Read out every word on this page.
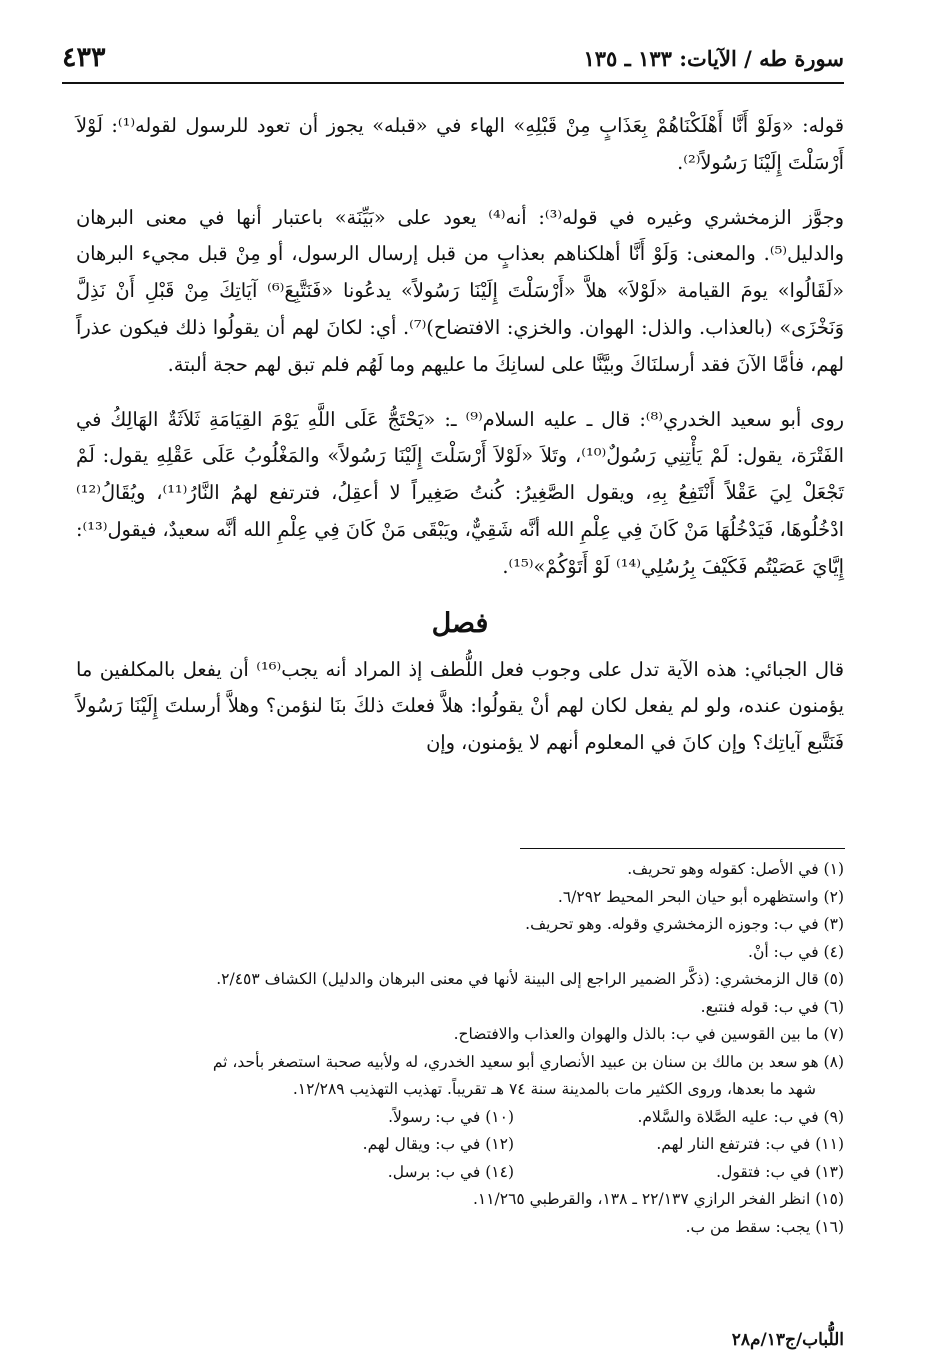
سورة طه / الآيات: ١٣٣ ـ ١٣٥
٤٣٣

قوله: «وَلَوْ أَنَّا أَهْلَكْنَاهُمْ بِعَذَابٍ مِنْ قَبْلِهِ» الهاء في «قبله» يجوز أن تعود للرسول لقوله⁽¹⁾: لَوْلاَ أَرْسَلْتَ إِلَيْنَا رَسُولاً⁽²⁾.

وجوَّز الزمخشري وغيره في قوله⁽³⁾: أنه⁽⁴⁾ يعود على «بَيِّنَة» باعتبار أنها في معنى البرهان والدليل⁽⁵⁾. والمعنى: وَلَوْ أَنَّا أهلكناهم بعذابٍ من قبل إرسال الرسول، أو مِنْ قبل مجيء البرهان «لَقَالُوا» يومَ القيامة «لَوْلاَ» هلاَّ «أَرْسَلْتَ إِلَيْنَا رَسُولاً» يدعُونا «فَنَتَّبِعَ⁽⁶⁾ آيَاتِكَ مِنْ قَبْلِ أَنْ نَذِلَّ وَنَخْزَى» (بالعذاب. والذل: الهوان. والخزي: الافتضاح)⁽⁷⁾. أي: لكانَ لهم أن يقولُوا ذلك فيكون عذراً لهم، فأمَّا الآنَ فقد أرسلنَاكَ وبيَّنَّا على لسانِكَ ما عليهم وما لَهُم فلم تبق لهم حجة ألبتة.

روى أبو سعيد الخدري⁽⁸⁾: قال ـ عليه السلام⁽⁹⁾ ـ: «يَحْتَجُّ عَلَى اللَّهِ يَوْمَ القِيَامَةِ ثَلاَثَةٌ الهَالِكُ في الفَتْرَة، يقول: لَمْ يَأْتِنِي رَسُولٌ⁽¹⁰⁾، وتَلاَ «لَوْلاَ أَرْسَلْتَ إِلَيْنَا رَسُولاً» والمَغْلُوبُ عَلَى عَقْلِهِ يقول: لَمْ تَجْعَلْ لِيَ عَقْلاً أَنْتَفِعُ بِهِ، ويقول الصَّغِيرُ: كُنتُ صَغِيراً لا أعقِلُ، فترتفع لهمُ النَّارُ⁽¹¹⁾، ويُقَالُ⁽¹²⁾ ادْخُلُوهَا، فَيَدْخُلُهَا مَنْ كَانَ فِي عِلْمِ الله أنَّه شَقِيٌّ، ويَبْقَى مَنْ كَانَ فِي عِلْمِ الله أنَّه سعيدٌ، فيقول⁽¹³⁾: إِيَّايَ عَصَيْتُم فَكَيْفَ بِرُسُلِي⁽¹⁴⁾ لَوْ أَتَوْكُمْ»⁽¹⁵⁾.

فصل

قال الجبائي: هذه الآية تدل على وجوب فعل اللُّطف إذ المراد أنه يجب⁽¹⁶⁾ أن يفعل بالمكلفين ما يؤمنون عنده، ولو لم يفعل لكان لهم أنْ يقولُوا: هلاَّ فعلتَ ذلكَ بنَا لنؤمن؟ وهلاَّ أرسلتَ إِلَيْنَا رَسُولاً فَنَتَّبع آياتِك؟ وإن كانَ في المعلوم أنهم لا يؤمنون، وإن

(١) في الأصل: كقوله وهو تحريف.
(٢) واستظهره أبو حيان البحر المحيط ٦/٢٩٢.
(٣) في ب: وجوزه الزمخشري وقوله. وهو تحريف.
(٤) في ب: أنْ.
(٥) قال الزمخشري: (ذكَّر الضمير الراجع إلى البينة لأنها في معنى البرهان والدليل) الكشاف ٢/٤٥٣.
(٦) في ب: قوله فنتبع.
(٧) ما بين القوسين في ب: بالذل والهوان والعذاب والافتضاح.
(٨) هو سعد بن مالك بن سنان بن عبيد الأنصاري أبو سعيد الخدري، له ولأبيه صحبة استصغر بأحد، ثم
شهد ما بعدها، وروى الكثير مات بالمدينة سنة ٧٤ هـ تقريباً. تهذيب التهذيب ١٢/٢٨٩.
(٩) في ب: عليه الصَّلاة والسَّلام.
(١٠) في ب: رسولاً.
(١١) في ب: فترتفع النار لهم.
(١٢) في ب: ويقال لهم.
(١٣) في ب: فتقول.
(١٤) في ب: برسل.
(١٥) انظر الفخر الرازي ٢٢/١٣٧ ـ ١٣٨، والقرطبي ١١/٢٦٥.
(١٦) يجب: سقط من ب.
اللُّباب/ج١٣/م٢٨
